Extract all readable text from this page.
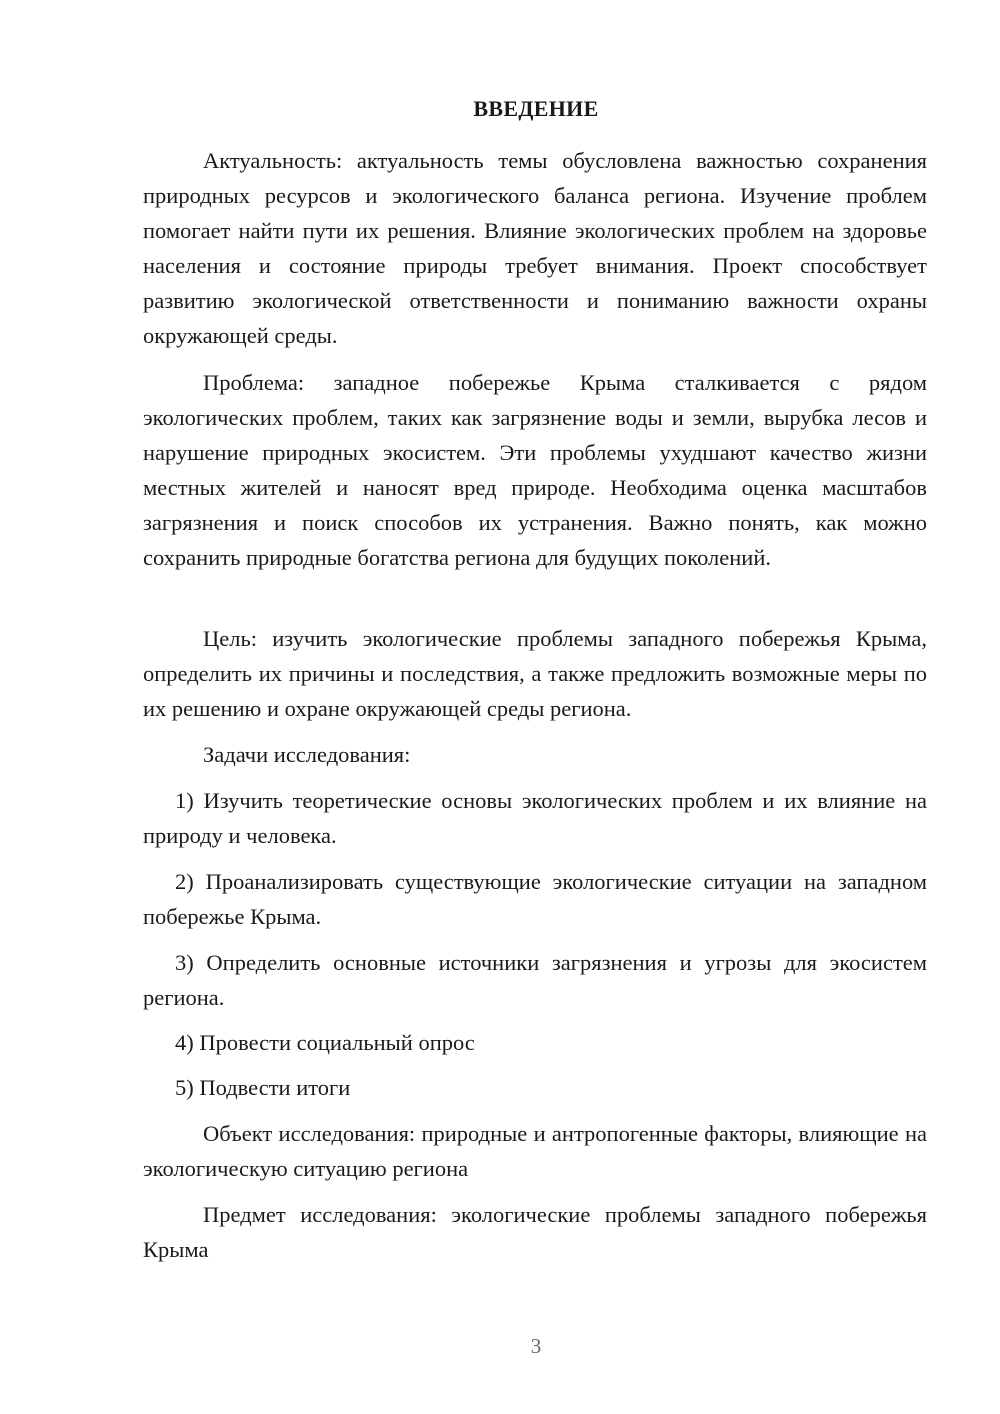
ВВЕДЕНИЕ

Актуальность: актуальность темы обусловлена важностью сохранения природных ресурсов и экологического баланса региона. Изучение проблем помогает найти пути их решения. Влияние экологических проблем на здоровье населения и состояние природы требует внимания. Проект способствует развитию экологической ответственности и пониманию важности охраны окружающей среды.

Проблема: западное побережье Крыма сталкивается с рядом экологических проблем, таких как загрязнение воды и земли, вырубка лесов и нарушение природных экосистем. Эти проблемы ухудшают качество жизни местных жителей и наносят вред природе. Необходима оценка масштабов загрязнения и поиск способов их устранения. Важно понять, как можно сохранить природные богатства региона для будущих поколений.

Цель: изучить экологические проблемы западного побережья Крыма, определить их причины и последствия, а также предложить возможные меры по их решению и охране окружающей среды региона.

Задачи исследования:

1) Изучить теоретические основы экологических проблем и их влияние на природу и человека.

2) Проанализировать существующие экологические ситуации на западном побережье Крыма.

3) Определить основные источники загрязнения и угрозы для экосистем региона.

4) Провести социальный опрос

5) Подвести итоги

Объект исследования: природные и антропогенные факторы, влияющие на экологическую ситуацию региона

Предмет исследования: экологические проблемы западного побережья Крыма

3
